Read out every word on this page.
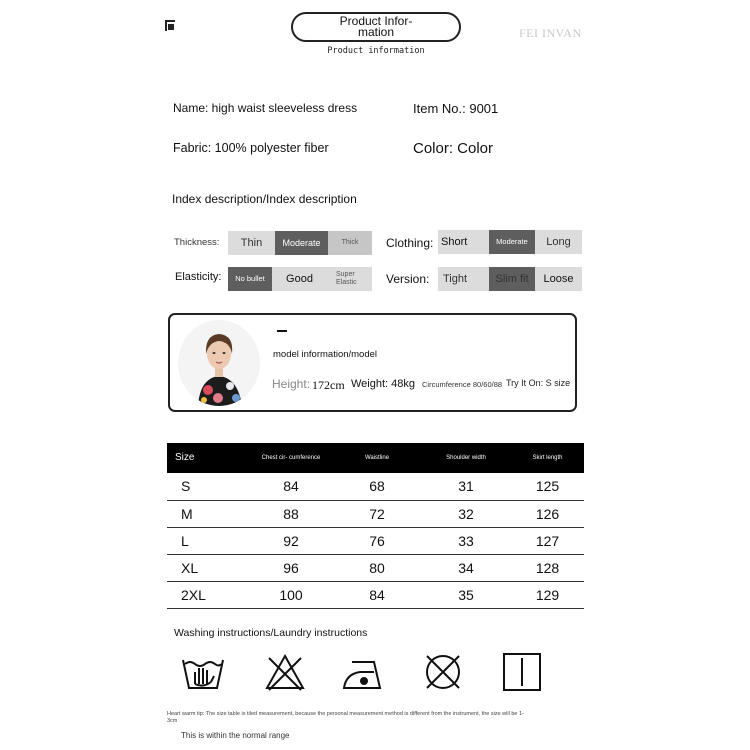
Product Infor- mation
Product information
FEI INVAN
Name: high waist sleeveless dress	Item No.: 9001
Fabric: 100% polyester fiber	Color: Color
Index description/Index description
Thickness:	Thin	Moderate	Thick	Clothing: Short	Moderate	Long
Elasticity:	No bullet	Good	Super Elastic	Version:	Tight	Slim fit	Loose
model information/model
Height: 172cm Weight: 48kg Circumference 80/60/88 Try It On: S size
Size	Chest cir- cumference	Waistline	Shoulder width	Skirt length
S	84	68	31	125
M	88	72	32	126
L	92	76	33	127
XL	96	80	34	128
2XL	100	84	35	129
Washing instructions/Laundry instructions
Heart warm tip: The size table is tiled measurement, because the personal measurement method is different from the instrument, the size will be 1-3cm
This is within the normal range
